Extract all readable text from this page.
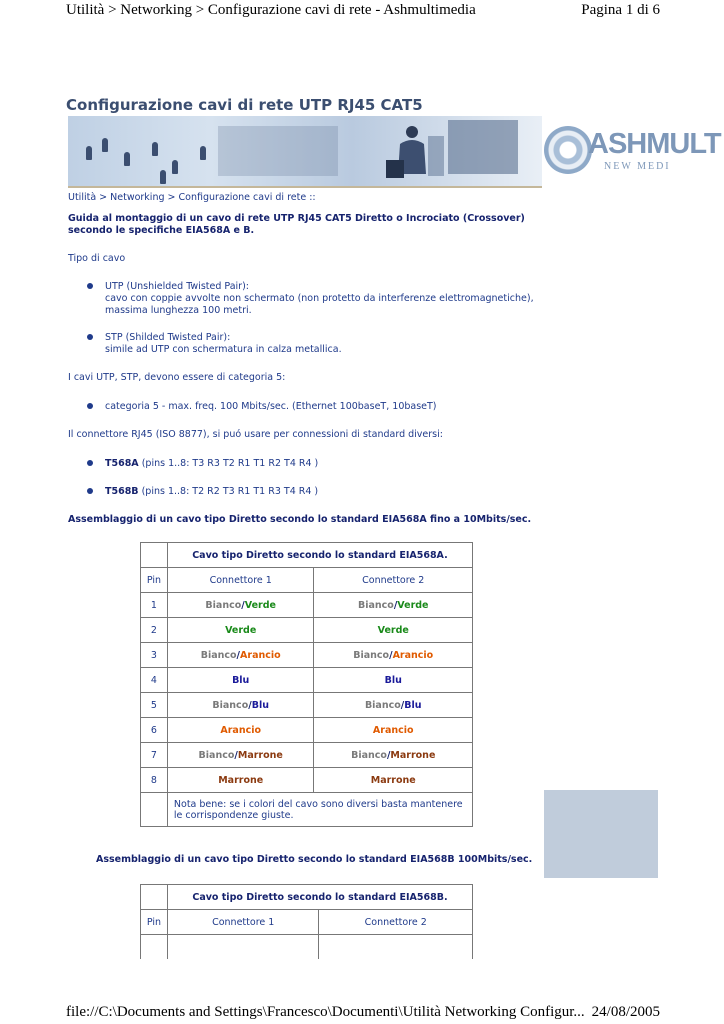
Utilità > Networking > Configurazione cavi di rete - Ashmultimedia	Pagina 1 di 6
Configurazione cavi di rete UTP RJ45 CAT5
ASHMULT
NEW MEDI
Utilità > Networking > Configurazione cavi di rete ::
Guida al montaggio di un cavo di rete UTP RJ45 CAT5 Diretto o Incrociato (Crossover)
secondo le specifiche EIA568A e B.
Tipo di cavo
UTP (Unshielded Twisted Pair):
cavo con coppie avvolte non schermato (non protetto da interferenze elettromagnetiche),
massima lunghezza 100 metri.
STP (Shilded Twisted Pair):
simile ad UTP con schermatura in calza metallica.
I cavi UTP, STP, devono essere di categoria 5:
categoria 5 - max. freq. 100 Mbits/sec. (Ethernet 100baseT, 10baseT)
Il connettore RJ45 (ISO 8877), si puó usare per connessioni di standard diversi:
T568A (pins 1..8: T3 R3 T2 R1 T1 R2 T4 R4 )
T568B (pins 1..8: T2 R2 T3 R1 T1 R3 T4 R4 )
Assemblaggio di un cavo tipo Diretto secondo lo standard EIA568A fino a 10Mbits/sec.
	Cavo tipo Diretto secondo lo standard EIA568A.	
Pin	Connettore 1	Connettore 2
1	Bianco/Verde	Bianco/Verde
2	Verde	Verde
3	Bianco/Arancio	Bianco/Arancio
4	Blu	Blu
5	Bianco/Blu	Bianco/Blu
6	Arancio	Arancio
7	Bianco/Marrone	Bianco/Marrone
8	Marrone	Marrone

	Nota bene: se i colori del cavo sono diversi basta mantenere
le corrispondenze giuste.	
Assemblaggio di un cavo tipo Diretto secondo lo standard EIA568B 100Mbits/sec.
	Cavo tipo Diretto secondo lo standard EIA568B.	
Pin	Connettore 1	Connettore 2

file://C:\Documents and Settings\Francesco\Documenti\Utilità Networking Configur... 24/08/2005
